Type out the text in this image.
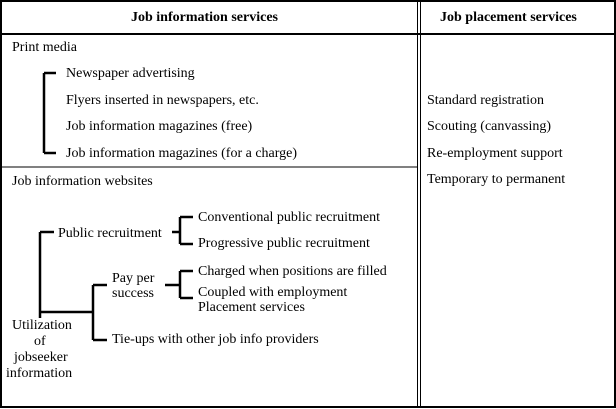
Job information services	Job placement services
Print media
Newspaper advertising
Flyers inserted in newspapers, etc.
Job information magazines (free)
Job information magazines (for a charge)
Job information websites
Public recruitment
Conventional public recruitment
Progressive public recruitment
Pay per
success
Charged when positions are filled
Coupled with employment
Placement services
Tie-ups with other job info providers
Utilization
of
jobseeker
information
Standard registration
Scouting (canvassing)
Re-employment support
Temporary to permanent
